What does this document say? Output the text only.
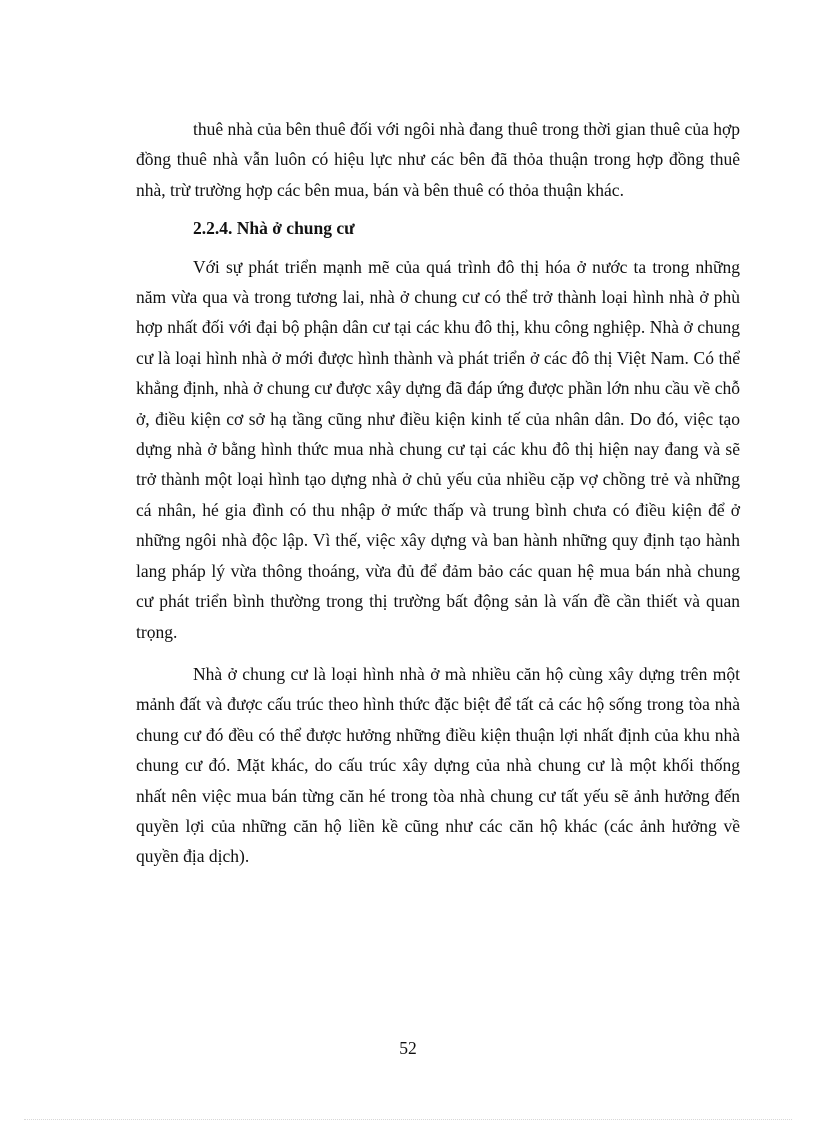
thuê nhà của bên thuê đối với ngôi nhà đang thuê trong thời gian thuê của hợp đồng thuê nhà vẫn luôn có hiệu lực như các bên đã thỏa thuận trong hợp đồng thuê nhà, trừ trường hợp các bên mua, bán và bên thuê có thỏa thuận khác.

2.2.4. Nhà ở chung cư

Với sự phát triển mạnh mẽ của quá trình đô thị hóa ở nước ta trong những năm vừa qua và trong tương lai, nhà ở chung cư có thể trở thành loại hình nhà ở phù hợp nhất đối với đại bộ phận dân cư tại các khu đô thị, khu công nghiệp. Nhà ở chung cư là loại hình nhà ở mới được hình thành và phát triển ở các đô thị Việt Nam. Có thể khẳng định, nhà ở chung cư được xây dựng đã đáp ứng được phần lớn nhu cầu về chỗ ở, điều kiện cơ sở hạ tầng cũng như điều kiện kinh tế của nhân dân. Do đó, việc tạo dựng nhà ở bằng hình thức mua nhà chung cư tại các khu đô thị hiện nay đang và sẽ trở thành một loại hình tạo dựng nhà ở chủ yếu của nhiều cặp vợ chồng trẻ và những cá nhân, hé gia đình có thu nhập ở mức thấp và trung bình chưa có điều kiện để ở những ngôi nhà độc lập. Vì thế, việc xây dựng và ban hành những quy định tạo hành lang pháp lý vừa thông thoáng, vừa đủ để đảm bảo các quan hệ mua bán nhà chung cư phát triển bình thường trong thị trường bất động sản là vấn đề cần thiết và quan trọng.

Nhà ở chung cư là loại hình nhà ở mà nhiều căn hộ cùng xây dựng trên một mảnh đất và được cấu trúc theo hình thức đặc biệt để tất cả các hộ sống trong tòa nhà chung cư đó đều có thể được hưởng những điều kiện thuận lợi nhất định của khu nhà chung cư đó. Mặt khác, do cấu trúc xây dựng của nhà chung cư là một khối thống nhất nên việc mua bán từng căn hé trong tòa nhà chung cư tất yếu sẽ ảnh hưởng đến quyền lợi của những căn hộ liền kề cũng như các căn hộ khác (các ảnh hưởng về quyền địa dịch).

52
